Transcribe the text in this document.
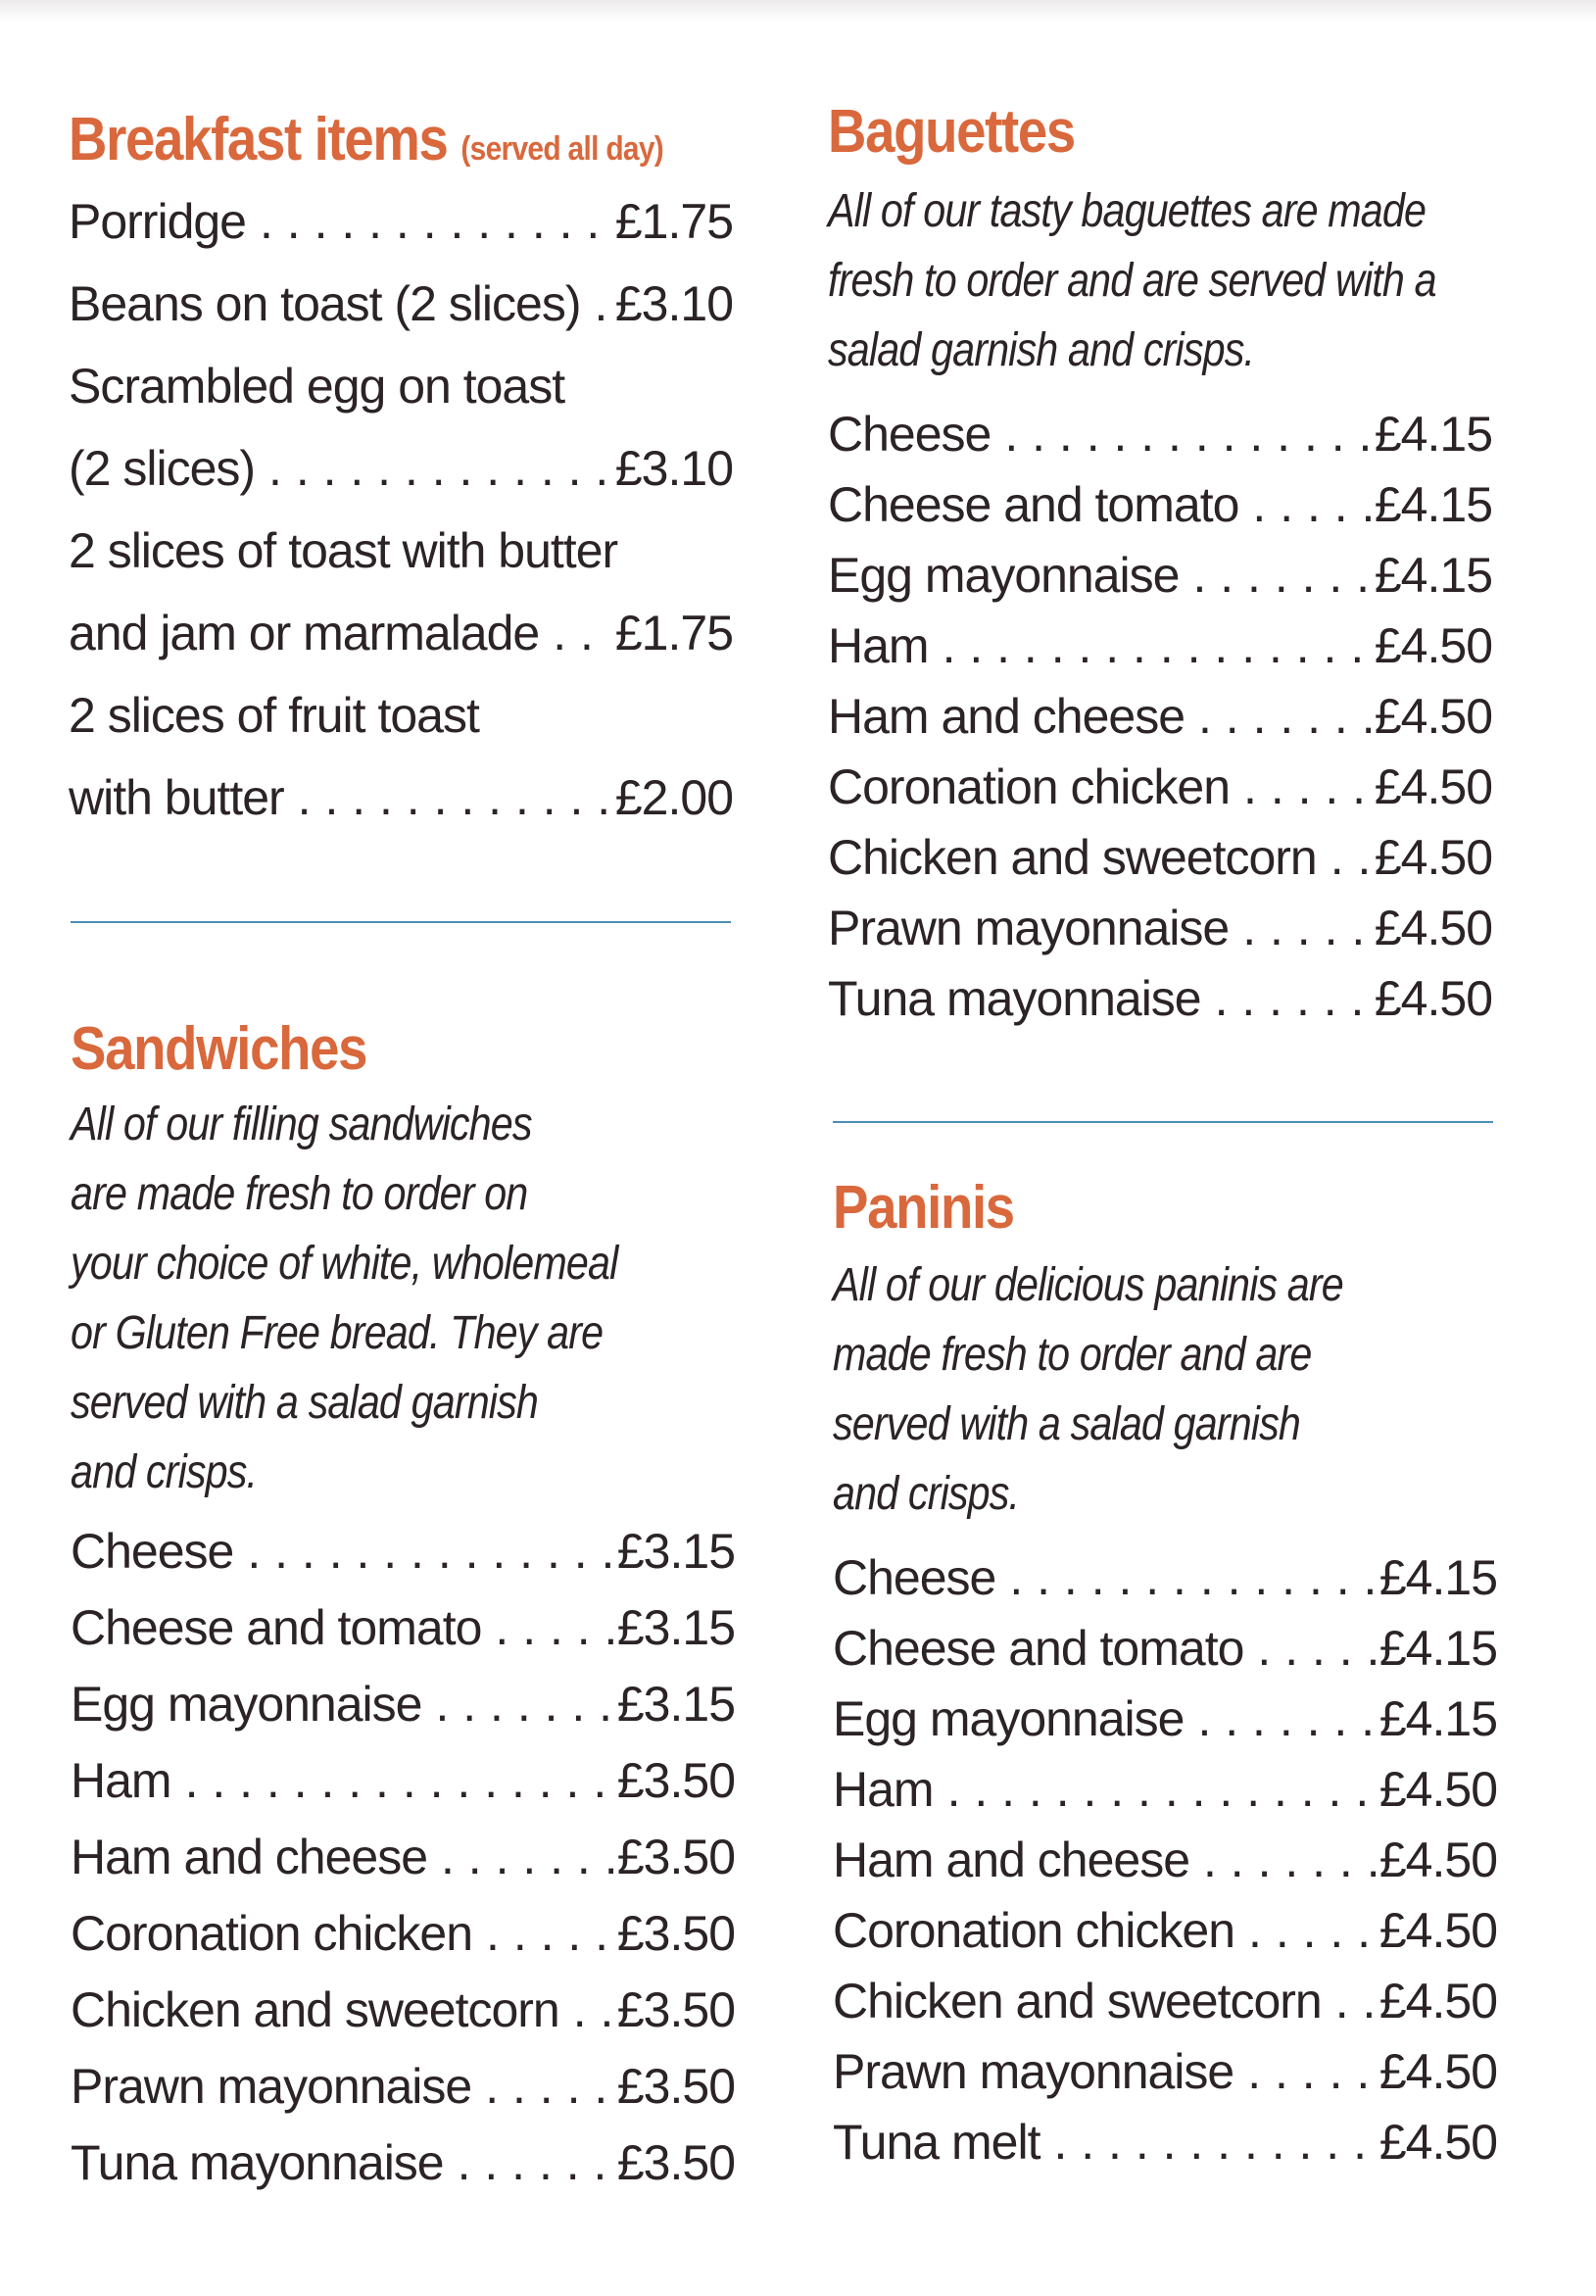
Breakfast items (served all day)
Porridge . . .	£1.75
Beans on toast (2 slices) . . . £3.10
Scrambled egg on toast
(2 slices) . . .	£3.10
2 slices of toast with butter
and jam or marmalade . . . £1.75
2 slices of fruit toast
with butter . . .	£2.00
Sandwiches

All of our filling sandwiches
are made fresh to order on
your choice of white, wholemeal
or Gluten Free bread. They are
served with a salad garnish
and crisps.

Cheese . . .	£3.15
Cheese and tomato . . .	£3.15
Egg mayonnaise . . .	£3.15
Ham . . .	£3.50
Ham and cheese . . .	£3.50
Coronation chicken . . .	£3.50
Chicken and sweetcorn . . . £3.50
Prawn mayonnaise . . .	£3.50
Tuna mayonnaise . . .	£3.50
Baguettes

All of our tasty baguettes are made
fresh to order and are served with a
salad garnish and crisps.

Cheese . . .	£4.15
Cheese and tomato . . .	£4.15
Egg mayonnaise . . .	£4.15
Ham . . .	£4.50
Ham and cheese . . .	£4.50
Coronation chicken . . .	£4.50
Chicken and sweetcorn . . . £4.50
Prawn mayonnaise . . .	£4.50
Tuna mayonnaise . . .	£4.50
Paninis

All of our delicious paninis are
made fresh to order and are
served with a salad garnish
and crisps.

Cheese . . .	£4.15
Cheese and tomato . . .	£4.15
Egg mayonnaise . . .	£4.15
Ham . . .	£4.50
Ham and cheese . . .	£4.50
Coronation chicken . . .	£4.50
Chicken and sweetcorn . . . £4.50
Prawn mayonnaise . . .	£4.50
Tuna melt . . .	£4.50
